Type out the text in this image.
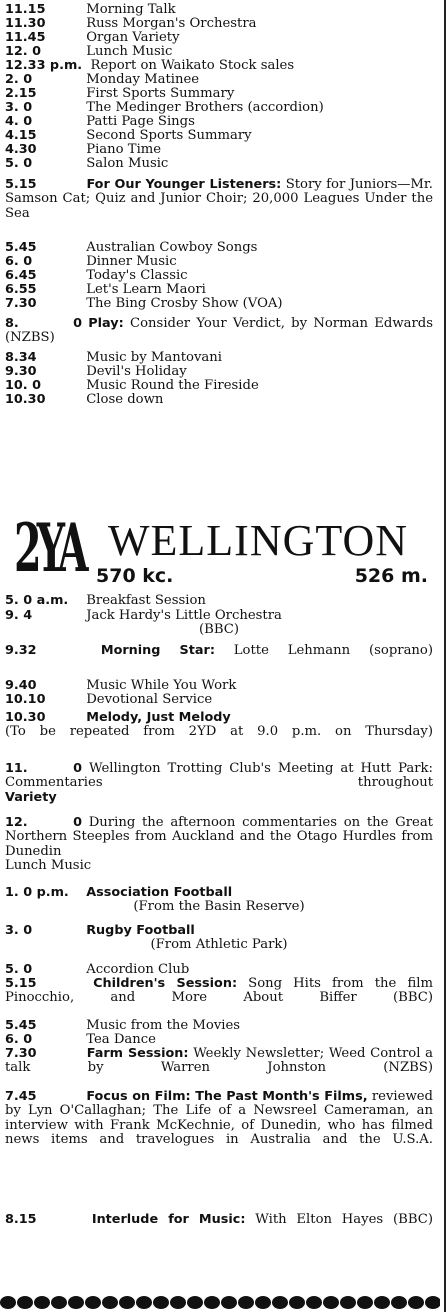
11.15	Morning Talk
11.30	Russ Morgan's Orchestra
11.45	Organ Variety
12. 0	Lunch Music
12.33 p.m. Report on Waikato Stock sales
2. 0	Monday Matinee
2.15	First Sports Summary
3. 0	The Medinger Brothers (accordion)
4. 0	Patti Page Sings
4.15	Second Sports Summary
4.30	Piano Time
5. 0	Salon Music
5.15	For Our Younger Listeners: Story for Juniors—Mr. Samson Cat; Quiz and Junior Choir; 20,000 Leagues Under the Sea
5.45	Australian Cowboy Songs
6. 0	Dinner Music
6.45	Today's Classic
6.55	Let's Learn Maori
7.30	The Bing Crosby Show (VOA)
8. 0 Play: Consider Your Verdict, by Norman Edwards (NZBS)
8.34	Music by Mantovani
9.30	Devil's Holiday
10. 0	Music Round the Fireside
10.30	Close down
2YA WELLINGTON
570 kc.	526 m.
5. 0 a.m. Breakfast Session
9. 4	Jack Hardy's Little Orchestra
(BBC)
9.32	Morning Star: Lotte Lehmann (soprano)
9.40	Music While You Work
10.10	Devotional Service
10.30	Melody, Just Melody
(To be repeated from 2YD at 9.0 p.m. on Thursday)
11. 0 Wellington Trotting Club's Meeting at Hutt Park: Commentaries throughout
Variety
12. 0 During the afternoon commentaries on the Great Northern Steeples from Auckland and the Otago Hurdles from Dunedin
Lunch Music
1. 0 p.m. Association Football
(From the Basin Reserve)
3. 0	Rugby Football
(From Athletic Park)
5. 0	Accordion Club
5.15	Children's Session: Song Hits from the film Pinocchio, and More About Biffer (BBC)
5.45	Music from the Movies
6. 0	Tea Dance
7.30	Farm Session: Weekly Newsletter; Weed Control a talk by Warren Johnston (NZBS)
7.45	Focus on Film: The Past Month's Films, reviewed by Lyn O'Callaghan; The Life of a Newsreel Cameraman, an interview with Frank McKechnie, of Dunedin, who has filmed news items and travelogues in Australia and the U.S.A.
8.15	Interlude for Music: With Elton Hayes (BBC)
